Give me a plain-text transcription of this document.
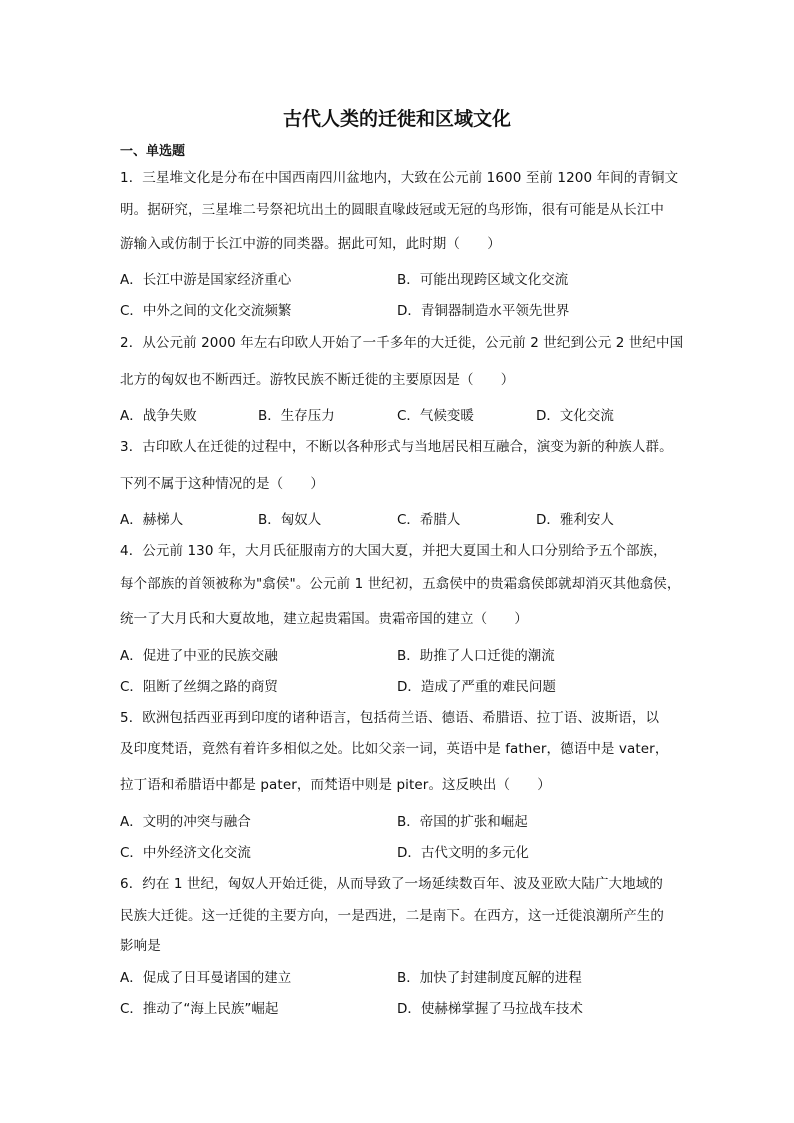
古代人类的迁徙和区域文化
一、单选题
1．三星堆文化是分布在中国西南四川盆地内，大致在公元前 1600 至前 1200 年间的青铜文
明。据研究，三星堆二号祭祀坑出土的圆眼直喙歧冠或无冠的鸟形饰，很有可能是从长江中
游输入或仿制于长江中游的同类器。据此可知，此时期（　　）
A．长江中游是国家经济重心	B．可能出现跨区域文化交流
C．中外之间的文化交流频繁	D．青铜器制造水平领先世界
2．从公元前 2000 年左右印欧人开始了一千多年的大迁徙，公元前 2 世纪到公元 2 世纪中国
北方的匈奴也不断西迁。游牧民族不断迁徙的主要原因是（　　）
A．战争失败	B．生存压力	C．气候变暖	D．文化交流
3．古印欧人在迁徙的过程中，不断以各种形式与当地居民相互融合，演变为新的种族人群。
下列不属于这种情况的是（　　）
A．赫梯人	B．匈奴人	C．希腊人	D．雅利安人
4．公元前 130 年，大月氏征服南方的大国大夏，并把大夏国土和人口分别给予五个部族，
每个部族的首领被称为"翕侯"。公元前 1 世纪初，五翕侯中的贵霜翕侯郎就却消灭其他翕侯，
统一了大月氏和大夏故地，建立起贵霜国。贵霜帝国的建立（　　）
A．促进了中亚的民族交融	B．助推了人口迁徙的潮流
C．阻断了丝绸之路的商贸	D．造成了严重的难民问题
5．欧洲包括西亚再到印度的诸种语言，包括荷兰语、德语、希腊语、拉丁语、波斯语，以
及印度梵语，竟然有着许多相似之处。比如父亲一词，英语中是 father，德语中是 vater，
拉丁语和希腊语中都是 pater，而梵语中则是 piter。这反映出（　　）
A．文明的冲突与融合	B．帝国的扩张和崛起
C．中外经济文化交流	D．古代文明的多元化
6．约在 1 世纪，匈奴人开始迁徙，从而导致了一场延续数百年、波及亚欧大陆广大地域的
民族大迁徙。这一迁徙的主要方向，一是西进，二是南下。在西方，这一迁徙浪潮所产生的
影响是
A．促成了日耳曼诸国的建立	B．加快了封建制度瓦解的进程
C．推动了“海上民族”崛起	D．使赫梯掌握了马拉战车技术
